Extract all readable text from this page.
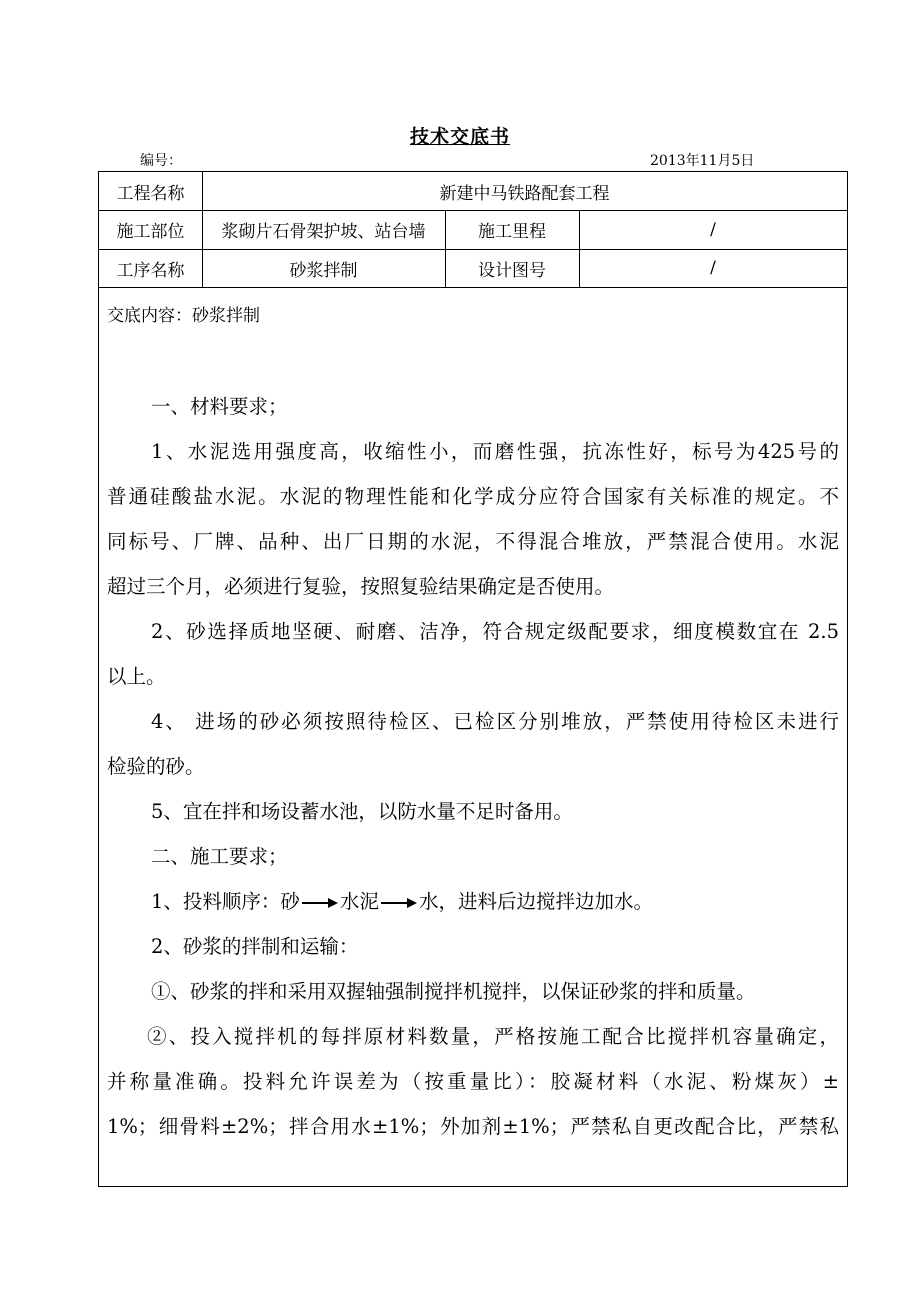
技术交底书
编号：	2013年11月5日
工程名称	新建中马铁路配套工程
施工部位	浆砌片石骨架护坡、站台墙	施工里程	/
工序名称	砂浆拌制	设计图号	/
交底内容：砂浆拌制
一、材料要求；
1、水泥选用强度高，收缩性小，而磨性强，抗冻性好，标号为425号的
普通硅酸盐水泥。水泥的物理性能和化学成分应符合国家有关标准的规定。不
同标号、厂牌、品种、出厂日期的水泥，不得混合堆放，严禁混合使用。水泥
超过三个月，必须进行复验，按照复验结果确定是否使用。
2、砂选择质地坚硬、耐磨、洁净，符合规定级配要求，细度模数宜在 2.5
以上。
4、 进场的砂必须按照待检区、已检区分别堆放，严禁使用待检区未进行
检验的砂。
5、宜在拌和场设蓄水池，以防水量不足时备用。
二、施工要求；
1、投料顺序：砂 水泥 水，进料后边搅拌边加水。
2、砂浆的拌制和运输：
①、砂浆的拌和采用双握轴强制搅拌机搅拌，以保证砂浆的拌和质量。
②、投入搅拌机的每拌原材料数量，严格按施工配合比搅拌机容量确定，
并称量准确。投料允许误差为（按重量比）：胶凝材料（水泥、粉煤灰）±
1%；细骨料±2%；拌合用水±1%；外加剂±1%；严禁私自更改配合比，严禁私
